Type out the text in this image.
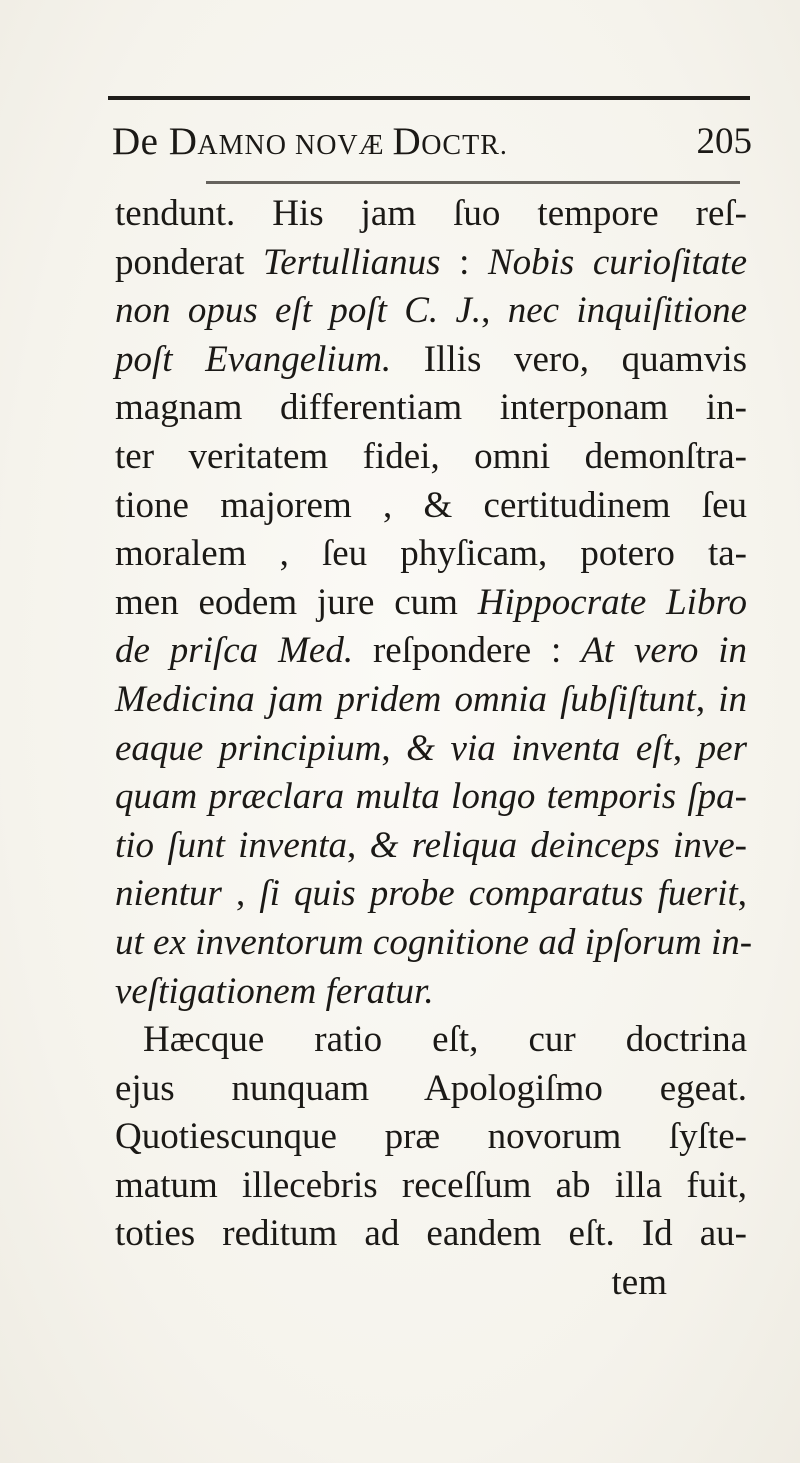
De DAMNO NOVÆ DOCTR.	205
tendunt. His jam ſuo tempore reſ-
ponderat Tertullianus : Nobis curioſitate
non opus eſt poſt C. J., nec inquiſitione
poſt Evangelium. Illis vero, quamvis
magnam differentiam interponam in-
ter veritatem fidei, omni demonſtra-
tione majorem , & certitudinem ſeu
moralem , ſeu phyſicam, potero ta-
men eodem jure cum Hippocrate Libro
de priſca Med. reſpondere : At vero in
Medicina jam pridem omnia ſubſiſtunt, in
eaque principium, & via inventa eſt, per
quam præclara multa longo temporis ſpa-
tio ſunt inventa, & reliqua deinceps inve-
nientur , ſi quis probe comparatus fuerit,
ut ex inventorum cognitione ad ipſorum in-
veſtigationem feratur.
Hæcque ratio eſt, cur doctrina
ejus nunquam Apologiſmo egeat.
Quotiescunque præ novorum ſyſte-
matum illecebris receſſum ab illa fuit,
toties reditum ad eandem eſt. Id au-
tem
